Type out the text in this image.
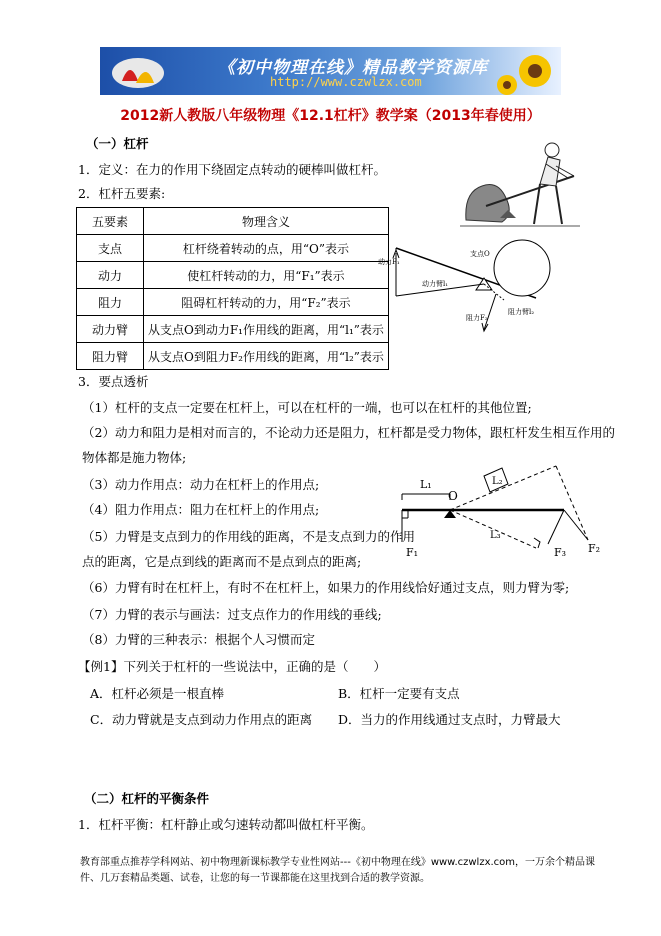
《初中物理在线》精品教学资源库
http://www.czwlzx.com
2012新人教版八年级物理《12.1杠杆》教学案（2013年春使用）
（一）杠杆
1．定义：在力的作用下绕固定点转动的硬棒叫做杠杆。
2．杠杆五要素:
五要素	物理含义
支点	杠杆绕着转动的点，用“O”表示
动力	使杠杆转动的力，用“F₁”表示
阻力	阻碍杠杆转动的力，用“F₂”表示
动力臂	从支点O到动力F₁作用线的距离，用“l₁”表示
阻力臂	从支点O到阻力F₂作用线的距离，用“l₂”表示
支点O
动力F₁
动力臂l₁
阻力F₂
阻力臂l₂
3．要点透析
（1）杠杆的支点一定要在杠杆上，可以在杠杆的一端，也可以在杠杆的其他位置;
（2）动力和阻力是相对而言的，不论动力还是阻力，杠杆都是受力物体，跟杠杆发生相互作用的
物体都是施力物体;
（3）动力作用点：动力在杠杆上的作用点;
（4）阻力作用点：阻力在杠杆上的作用点;
（5）力臂是支点到力的作用线的距离，不是支点到力的作用
点的距离，它是点到线的距离而不是点到点的距离;
（6）力臂有时在杠杆上，有时不在杠杆上，如果力的作用线恰好通过支点，则力臂为零;
（7）力臂的表示与画法：过支点作力的作用线的垂线;
（8）力臂的三种表示：根据个人习惯而定
L₁
O
L₂
L₃
F₁	F₃ F₂
【例1】下列关于杠杆的一些说法中，正确的是（　　）
A．杠杆必须是一根直棒	B．杠杆一定要有支点
C．动力臂就是支点到动力作用点的距离 D．当力的作用线通过支点时，力臂最大
（二）杠杆的平衡条件
1．杠杆平衡：杠杆静止或匀速转动都叫做杠杆平衡。
教育部重点推荐学科网站、初中物理新课标教学专业性网站---《初中物理在线》www.czwlzx.com，一万余个精品课
件、几万套精品类题、试卷，让您的每一节课都能在这里找到合适的教学资源。
